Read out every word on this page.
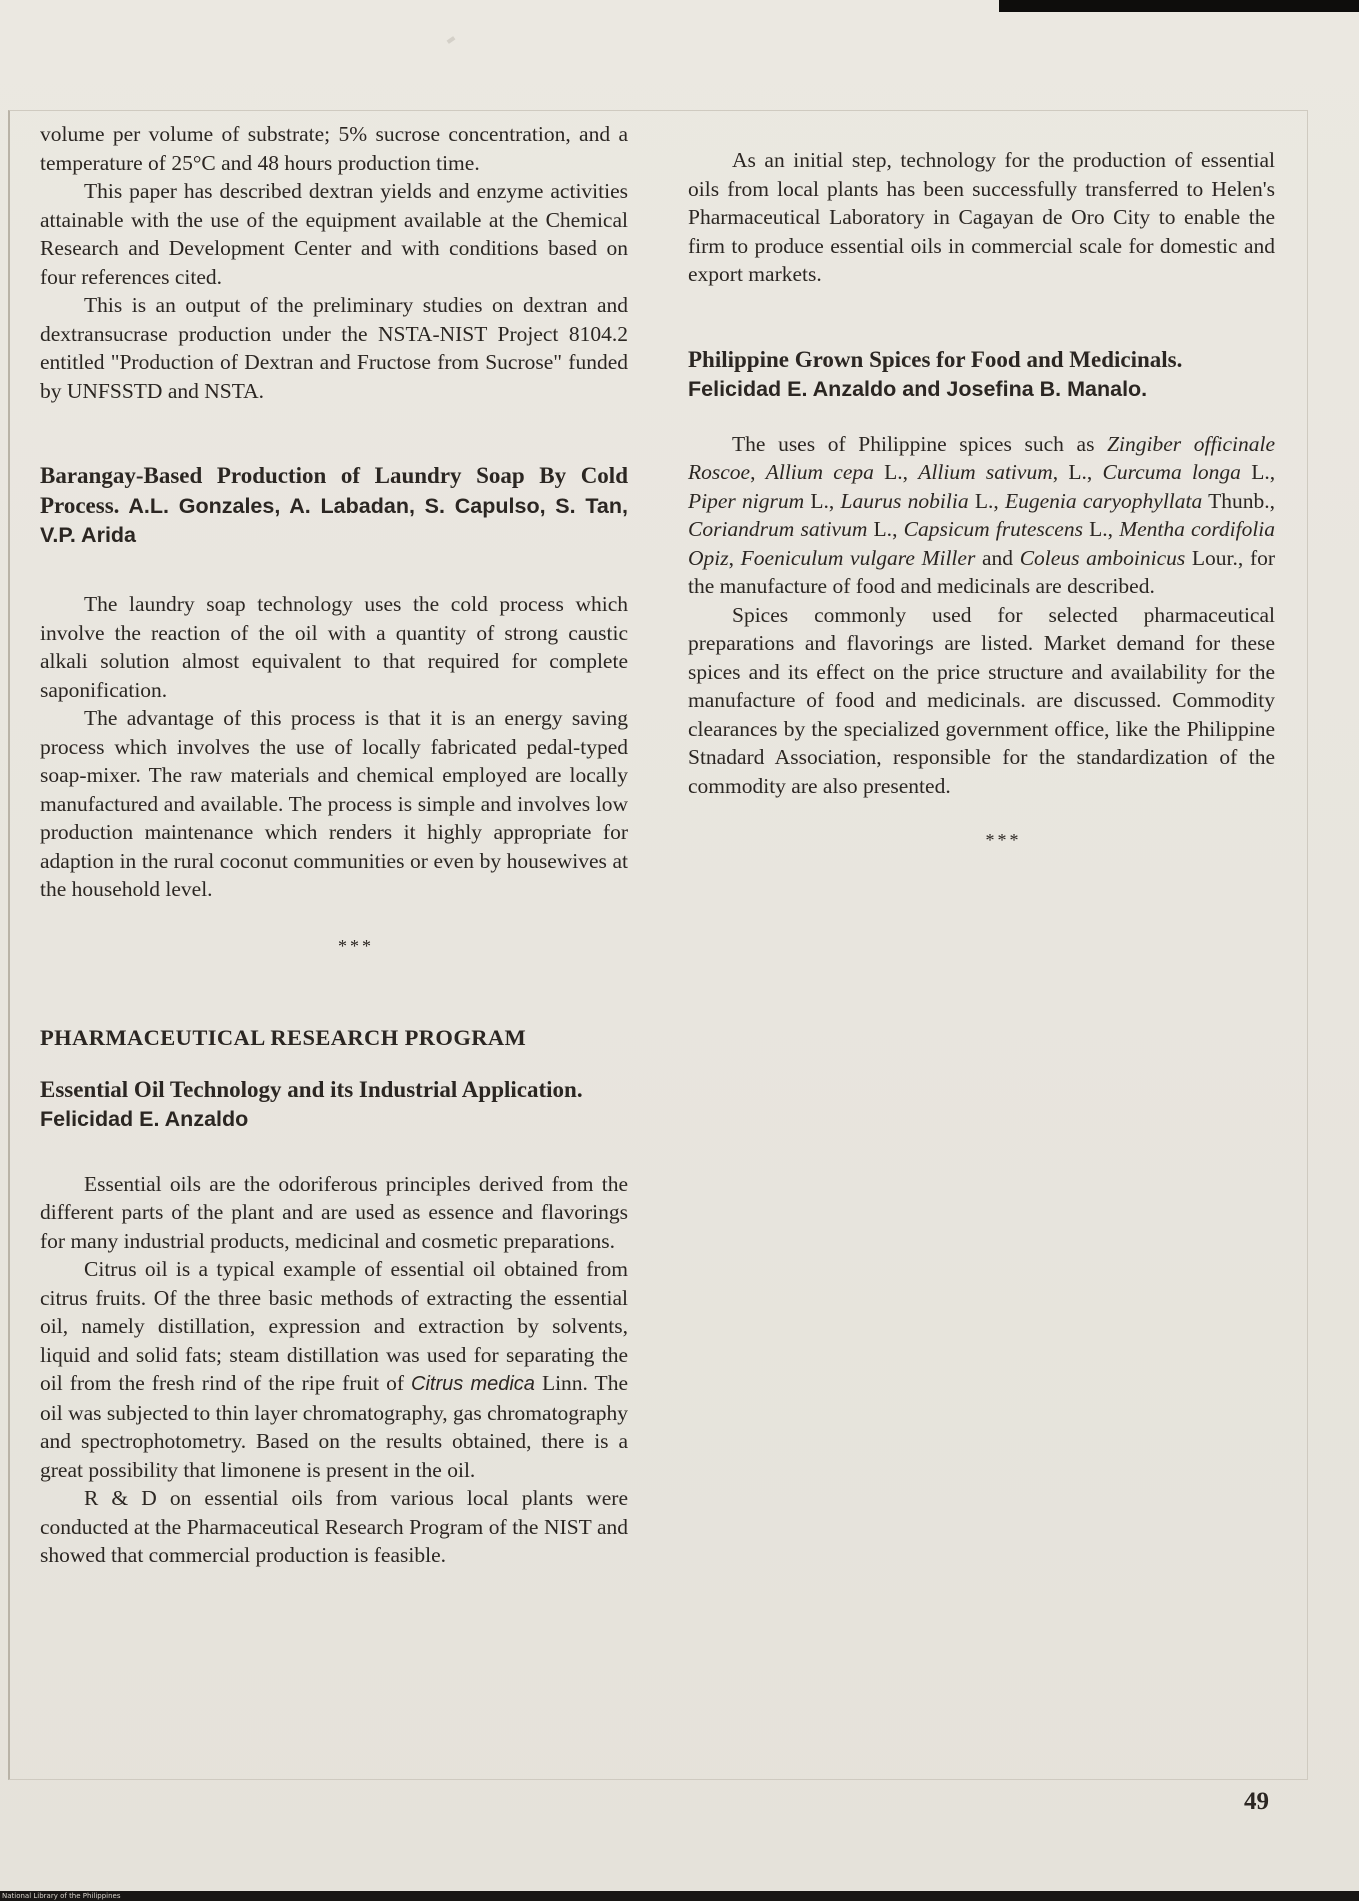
volume per volume of substrate; 5% sucrose concentration, and a temperature of 25°C and 48 hours production time.

This paper has described dextran yields and enzyme activities attainable with the use of the equipment available at the Chemical Research and Development Center and with conditions based on four references cited.

This is an output of the preliminary studies on dextran and dextransucrase production under the NSTA-NIST Project 8104.2 entitled "Production of Dextran and Fructose from Sucrose" funded by UNFSSTD and NSTA.

Barangay-Based Production of Laundry Soap By Cold Process. A.L. Gonzales, A. Labadan, S. Capulso, S. Tan, V.P. Arida

The laundry soap technology uses the cold process which involve the reaction of the oil with a quantity of strong caustic alkali solution almost equivalent to that required for complete saponification.

The advantage of this process is that it is an energy saving process which involves the use of locally fabricated pedal-typed soap-mixer. The raw materials and chemical employed are locally manufactured and available. The process is simple and involves low production maintenance which renders it highly appropriate for adaption in the rural coconut communities or even by housewives at the household level.

***

PHARMACEUTICAL RESEARCH PROGRAM

Essential Oil Technology and its Industrial Application.
Felicidad E. Anzaldo

Essential oils are the odoriferous principles derived from the different parts of the plant and are used as essence and flavorings for many industrial products, medicinal and cosmetic preparations.

Citrus oil is a typical example of essential oil obtained from citrus fruits. Of the three basic methods of extracting the essential oil, namely distillation, expression and extraction by solvents, liquid and solid fats; steam distillation was used for separating the oil from the fresh rind of the ripe fruit of Citrus medica Linn. The oil was subjected to thin layer chromatography, gas chromatography and spectrophotometry. Based on the results obtained, there is a great possibility that limonene is present in the oil.

R & D on essential oils from various local plants were conducted at the Pharmaceutical Research Program of the NIST and showed that commercial production is feasible.

As an initial step, technology for the production of essential oils from local plants has been successfully transferred to Helen's Pharmaceutical Laboratory in Cagayan de Oro City to enable the firm to produce essential oils in commercial scale for domestic and export markets.

Philippine Grown Spices for Food and Medicinals.
Felicidad E. Anzaldo and Josefina B. Manalo.

The uses of Philippine spices such as Zingiber officinale Roscoe, Allium cepa L., Allium sativum, L., Curcuma longa L., Piper nigrum L., Laurus nobilia L., Eugenia caryophyllata Thunb., Coriandrum sativum L., Capsicum frutescens L., Mentha cordifolia Opiz, Foeniculum vulgare Miller and Coleus amboinicus Lour., for the manufacture of food and medicinals are described.

Spices commonly used for selected pharmaceutical preparations and flavorings are listed. Market demand for these spices and its effect on the price structure and availability for the manufacture of food and medicinals. are discussed. Commodity clearances by the specialized government office, like the Philippine Stnadard Association, responsible for the standardization of the commodity are also presented.

***

49
National Library of the Philippines
